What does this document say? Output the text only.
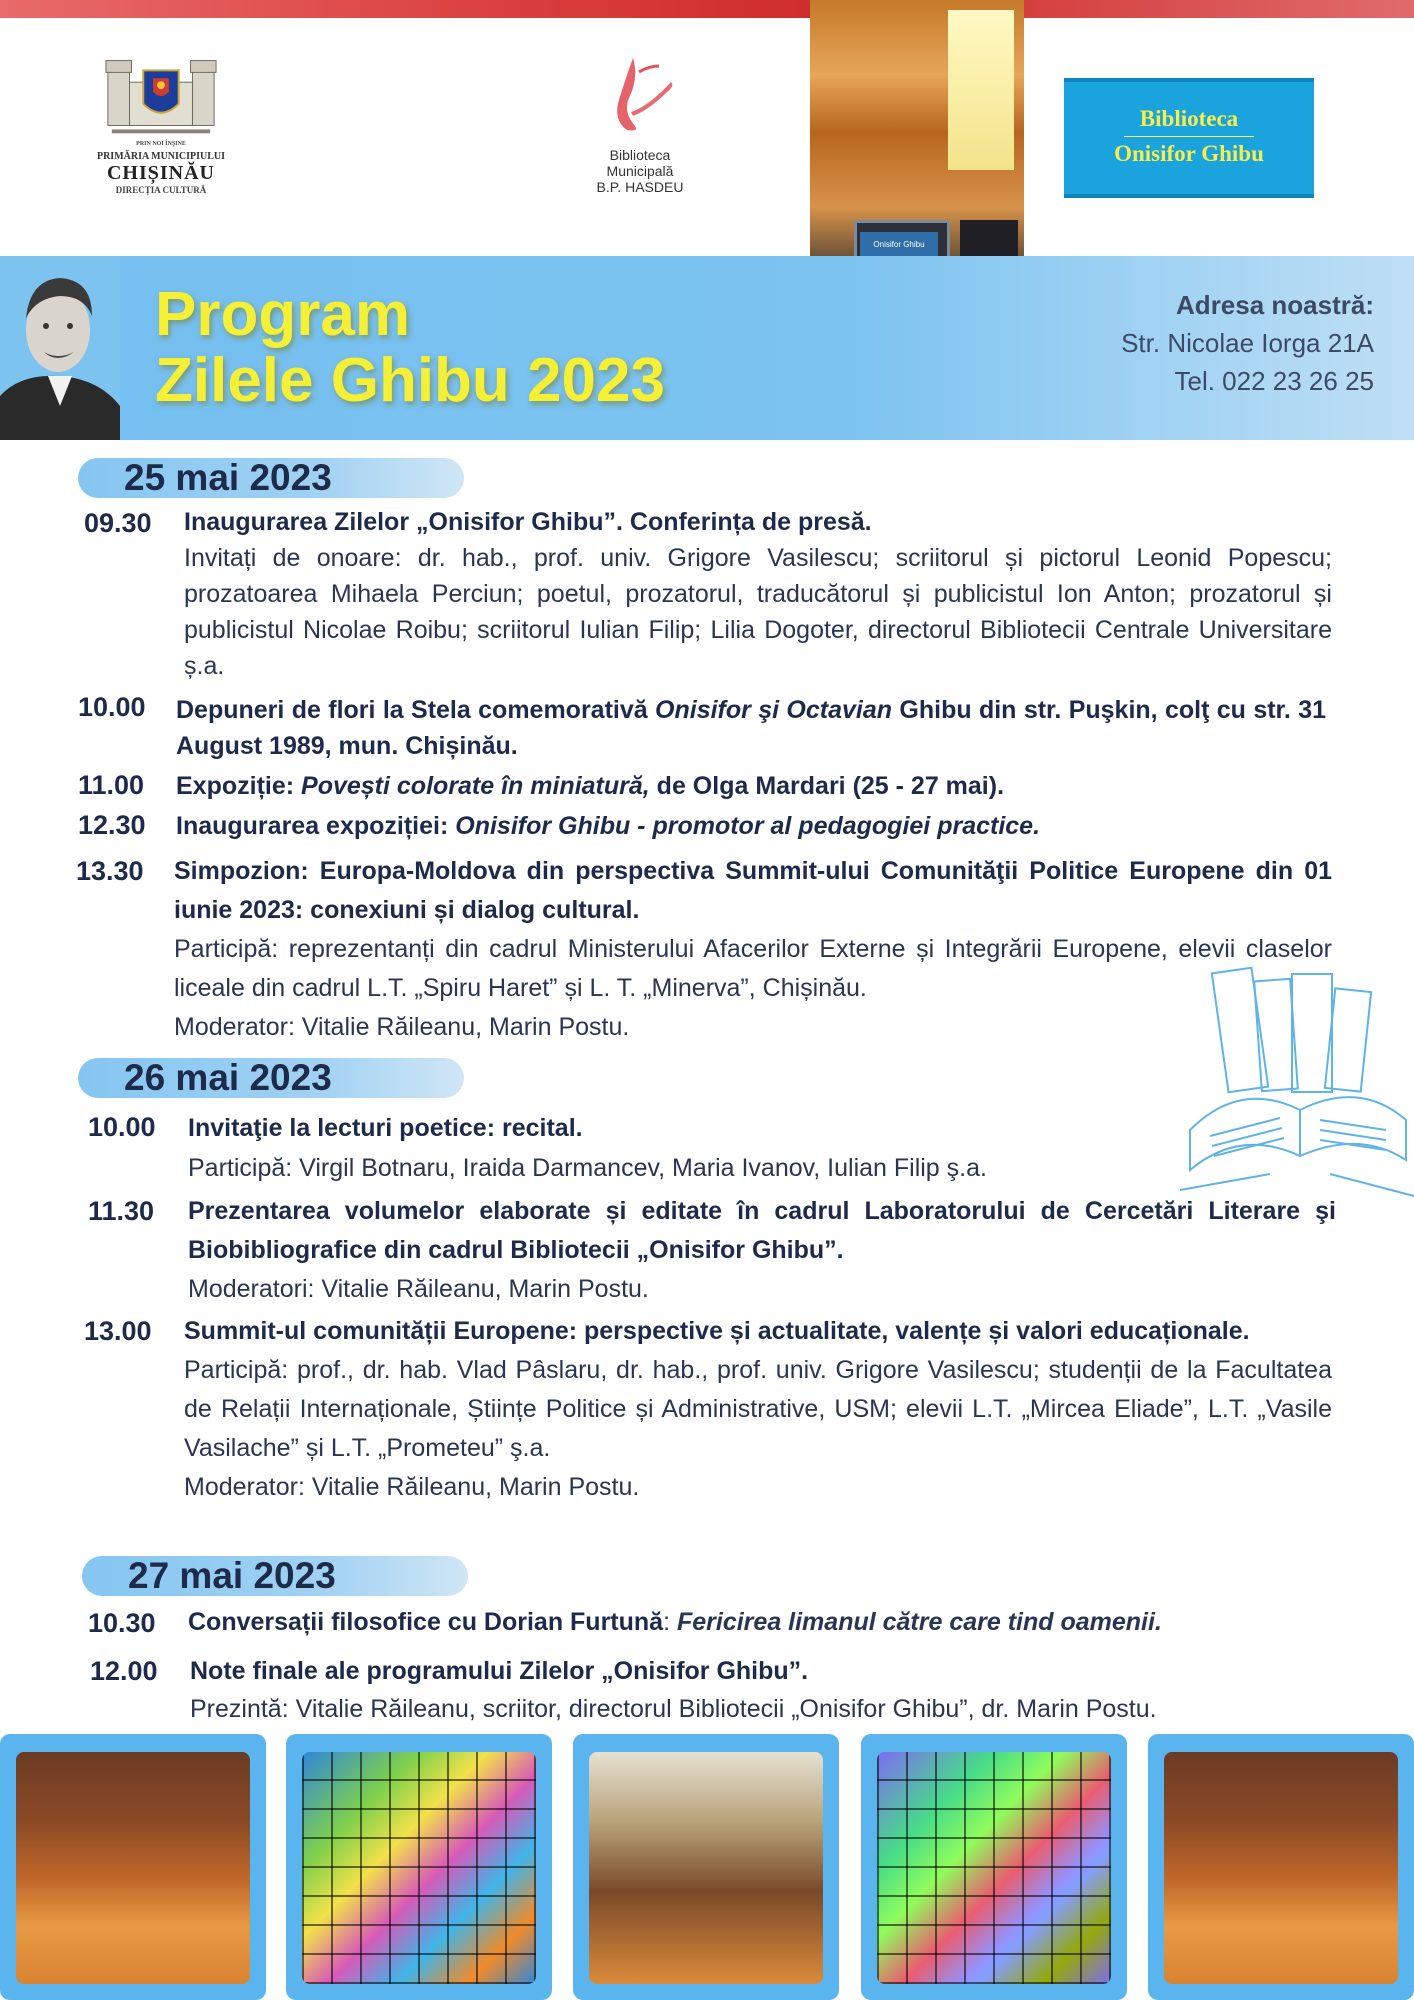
PRIN NOI ÎNȘINE
PRIMĂRIA MUNICIPIULUI
CHIȘINĂU
DIRECȚIA CULTURĂ
Biblioteca
Municipală
B.P. HASDEU
Onisifor Ghibu
Biblioteca
Onisifor Ghibu
Program
Zilele Ghibu 2023
Adresa noastră:
Str. Nicolae Iorga 21A
Tel. 022 23 26 25
25 mai 2023
09.30 Inaugurarea Zilelor „Onisifor Ghibu”. Conferința de presă.

Invitați de onoare: dr. hab., prof. univ. Grigore Vasilescu; scriitorul și pictorul Leonid Popescu; prozatoarea Mihaela Perciun; poetul, prozatorul, traducătorul și publicistul Ion Anton; prozatorul și publicistul Nicolae Roibu; scriitorul Iulian Filip; Lilia Dogoter, directorul Bibliotecii Centrale Universitare ș.a.

10.00 Depuneri de flori la Stela comemorativă Onisifor şi Octavian Ghibu din str. Puşkin, colţ cu str. 31 August 1989, mun. Chișinău.

11.00 Expoziție: Povești colorate în miniatură, de Olga Mardari (25 - 27 mai).

12.30 Inaugurarea expoziției: Onisifor Ghibu - promotor al pedagogiei practice.

13.30 Simpozion: Europa-Moldova din perspectiva Summit-ului Comunităţii Politice Europene din 01 iunie 2023: conexiuni și dialog cultural.

Participă: reprezentanți din cadrul Ministerului Afacerilor Externe și Integrării Europene, elevii claselor liceale din cadrul L.T. „Spiru Haret” și L. T. „Minerva”, Chișinău.

Moderator: Vitalie Răileanu, Marin Postu.

26 mai 2023
10.00 Invitaţie la lecturi poetice: recital.

Participă: Virgil Botnaru, Iraida Darmancev, Maria Ivanov, Iulian Filip ş.a.

11.30 Prezentarea volumelor elaborate și editate în cadrul Laboratorului de Cercetări Literare şi Biobibliografice din cadrul Bibliotecii „Onisifor Ghibu”.

Moderatori: Vitalie Răileanu, Marin Postu.

13.00 Summit-ul comunității Europene: perspective și actualitate, valențe și valori educaționale.

Participă: prof., dr. hab. Vlad Pâslaru, dr. hab., prof. univ. Grigore Vasilescu; studenții de la Facultatea de Relații Internaționale, Științe Politice și Administrative, USM; elevii L.T. „Mircea Eliade”, L.T. „Vasile Vasilache” și L.T. „Prometeu” ş.a.

Moderator: Vitalie Răileanu, Marin Postu.

27 mai 2023
10.30 Conversații filosofice cu Dorian Furtună: Fericirea limanul către care tind oamenii.

12.00 Note finale ale programului Zilelor „Onisifor Ghibu”.

Prezintă: Vitalie Răileanu, scriitor, directorul Bibliotecii „Onisifor Ghibu”, dr. Marin Postu.
